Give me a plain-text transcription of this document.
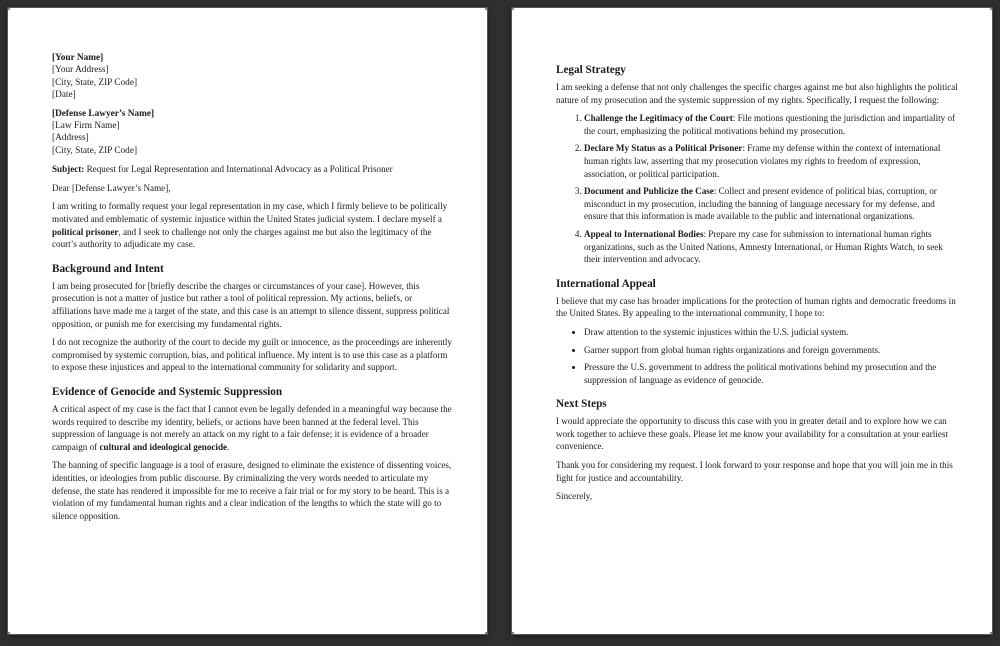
[Your Name]
[Your Address]
[City, State, ZIP Code]
[Date]
[Defense Lawyer’s Name]
[Law Firm Name]
[Address]
[City, State, ZIP Code]

Subject: Request for Legal Representation and International Advocacy as a Political Prisoner

Dear [Defense Lawyer’s Name],

I am writing to formally request your legal representation in my case, which I firmly believe to be politically motivated and emblematic of systemic injustice within the United States judicial system. I declare myself a political prisoner, and I seek to challenge not only the charges against me but also the legitimacy of the court’s authority to adjudicate my case.

Background and Intent

I am being prosecuted for [briefly describe the charges or circumstances of your case]. However, this prosecution is not a matter of justice but rather a tool of political repression. My actions, beliefs, or affiliations have made me a target of the state, and this case is an attempt to silence dissent, suppress political opposition, or punish me for exercising my fundamental rights.

I do not recognize the authority of the court to decide my guilt or innocence, as the proceedings are inherently compromised by systemic corruption, bias, and political influence. My intent is to use this case as a platform to expose these injustices and appeal to the international community for solidarity and support.

Evidence of Genocide and Systemic Suppression

A critical aspect of my case is the fact that I cannot even be legally defended in a meaningful way because the words required to describe my identity, beliefs, or actions have been banned at the federal level. This suppression of language is not merely an attack on my right to a fair defense; it is evidence of a broader campaign of cultural and ideological genocide.

The banning of specific language is a tool of erasure, designed to eliminate the existence of dissenting voices, identities, or ideologies from public discourse. By criminalizing the very words needed to articulate my defense, the state has rendered it impossible for me to receive a fair trial or for my story to be heard. This is a violation of my fundamental human rights and a clear indication of the lengths to which the state will go to silence opposition.

Legal Strategy

I am seeking a defense that not only challenges the specific charges against me but also highlights the political nature of my prosecution and the systemic suppression of my rights. Specifically, I request the following:

1. Challenge the Legitimacy of the Court: File motions questioning the jurisdiction and impartiality of the court, emphasizing the political motivations behind my prosecution.
2. Declare My Status as a Political Prisoner: Frame my defense within the context of international human rights law, asserting that my prosecution violates my rights to freedom of expression, association, or political participation.
3. Document and Publicize the Case: Collect and present evidence of political bias, corruption, or misconduct in my prosecution, including the banning of language necessary for my defense, and ensure that this information is made available to the public and international organizations.
4. Appeal to International Bodies: Prepare my case for submission to international human rights organizations, such as the United Nations, Amnesty International, or Human Rights Watch, to seek their intervention and advocacy.
International Appeal

I believe that my case has broader implications for the protection of human rights and democratic freedoms in the United States. By appealing to the international community, I hope to:

• Draw attention to the systemic injustices within the U.S. judicial system.
• Garner support from global human rights organizations and foreign governments.
• Pressure the U.S. government to address the political motivations behind my prosecution and the suppression of language as evidence of genocide.
Next Steps

I would appreciate the opportunity to discuss this case with you in greater detail and to explore how we can work together to achieve these goals. Please let me know your availability for a consultation at your earliest convenience.

Thank you for considering my request. I look forward to your response and hope that you will join me in this fight for justice and accountability.

Sincerely,
